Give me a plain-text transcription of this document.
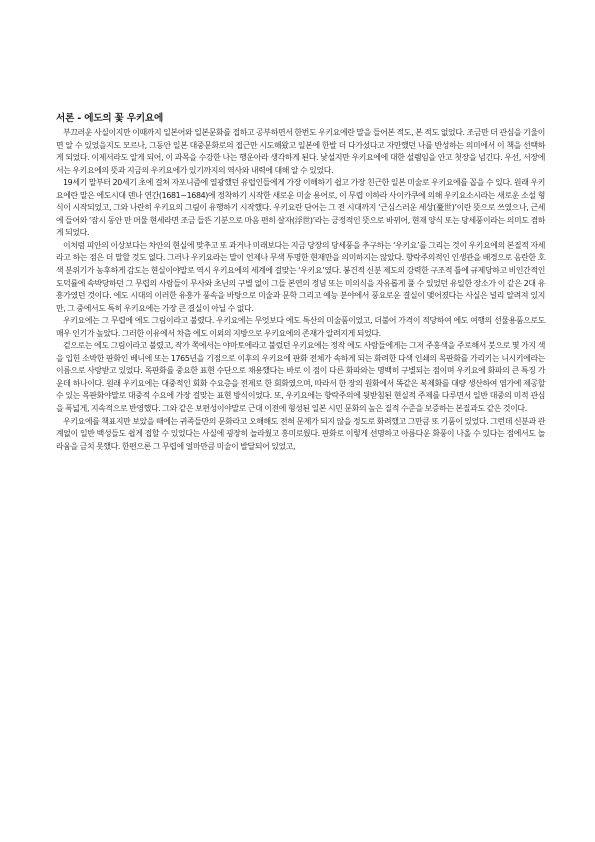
서론 - 에도의 꽃 우키요에

부끄러운 사실이지만 이때까지 일본어와 일본문화를 접하고 공부하면서 한번도 우키요에란 말을 들어본 적도, 본 적도 없었다. 조금만 더 관심을 기울이면 알 수 있었을지도 모르나, 그동안 일본 대중문화로의 접근만 시도해왔고 일본에 한발 더 다가섰다고 자만했던 나를 반성하는 의미에서 이 책을 선택하게 되었다. 이제서라도 알게 되어, 이 과목을 수강한 나는 행운아라 생각하게 된다. 낯설지만 우키요에에 대한 설렘임을 안고 첫장을 넘긴다. 우선, 서장에서는 우키요에의 뜻과 지금의 우키요에가 있기까지의 역사와 내력에 대해 알 수 있었다.

19세기 말부터 20세기 초에 걸쳐 자포니즘에 열광했던 유럽인들에게 가장 이해하기 쉽고 가장 친근한 일본 미술로 우키요에를 꼽을 수 있다. 원래 우키요에란 말은 에도시대 덴나 연간(1681~1684)에 정착하기 시작한 새로운 미술 용어로, 이 무렵 이하라 사이카쿠에 의해 우키요소시라는 새로운 소설 형식이 시작되었고, 그와 나란히 우키요의 그림이 유행하기 시작했다. 우키요란 단어는 그 전 시대까지 ‘근심스러운 세상(憂世)’이란 뜻으로 쓰였으나, 근세에 들어와 ‘잠시 동안 만 머물 현세라면 조금 들뜬 기분으로 마음 편히 살자(浮世)’라는 긍정적인 뜻으로 바뀌어, 현재 양식 또는 당세풍이라는 의미도 겸하게 되었다.

이처럼 피안의 이상보다는 차안의 현실에 맞추고 또 과거나 미래보다는 지금 당장의 당세풍을 추구하는 ‘우키요’를 그리는 것이 우키요에의 본질적 자세라고 하는 점은 더 말할 것도 없다. 그러나 우키요라는 말이 언제나 무색 투명한 현재만을 의미하지는 않았다. 향락주의적인 인생관을 배경으로 음란한 호색 분위기가 농후하게 감도는 현실이야말로 역시 우키요에의 세계에 걸맞는 ‘우키요’였다. 봉건적 신분 제도의 강력한 구조적 틀에 규제당하고 비인간적인 도덕률에 속박당하던 그 무렵의 사람들이 무사와 초닌의 구별 없이 그들 본연의 정념 또는 미의식을 자유롭게 풀 수 있었던 유일한 장소가 이 같은 2대 유흥가였던 것이다. 에도 시대의 이러한 유흥가 풍속을 바탕으로 미술과 문학 그리고 예능 분야에서 풍요로운 결실이 맺어졌다는 사실은 널리 알려져 있지만, 그 중에서도 특히 우키요에는 가장 큰 결실이 아닐 수 없다.

우키요에는 그 무렵에 에도 그림이라고 불렸다. 우키요에는 무엇보다 에도 특산의 미술품이었고, 더불어 가격이 적당하여 에도 여행의 선물용품으로도 매우 인기가 높았다. 그러한 이유에서 차츰 에도 이외의 지방으로 우키요에의 존재가 알려지게 되었다.

겉으로는 에도 그림이라고 불렸고, 작가 쪽에서는 야마토에라고 불렀던 우키요에는 정작 에도 사람들에게는 그저 주홍색을 주로해서 붓으로 몇 가지 색을 입힌 소박한 판화인 베니에 또는 1765년을 기점으로 이후의 우키요에 판화 전체가 속하게 되는 화려한 다색 인쇄의 목판화를 가리키는 니시키에라는 이름으로 사랑받고 있었다. 목판화를 중요한 표현 수단으로 채용했다는 바로 이 점이 다른 화파와는 명백히 구별되는 점이며 우키요에 화파의 큰 특징 가운데 하나이다. 원래 우키요에는 대중적인 회화 수요층을 전제로 한 회화였으며, 따라서 한 장의 원화에서 똑같은 복제화를 대량 생산하여 염가에 제공할 수 있는 목판화야말로 대중적 수요에 가장 걸맞는 표현 방식이었다. 또, 우키요에는 향락주의에 뒷받침된 현실적 주제를 다루면서 일반 대중의 미적 관심을 폭넓게, 지속적으로 반영했다. 그와 같은 보편성이야말로 근대 이전에 형성된 일본 시민 문화의 높은 질적 수준을 보증하는 본질과도 같은 것이다.

우키요에를 책표지만 보았을 때에는 귀족들만의 문화라고 오해해도 전혀 문제가 되지 않을 정도로 화려했고 그만큼 또 기품이 있었다. 그런데 신분과 관계없이 일반 백성들도 쉽게 접할 수 있었다는 사실에 굉장히 놀라웠고 흥미로웠다. 판화로 이렇게 선명하고 아름다운 화풍이 나올 수 있다는 점에서도 놀라움을 금치 못했다. 한편으론 그 무렵에 얼마만큼 미술이 발달되어 있었고,
